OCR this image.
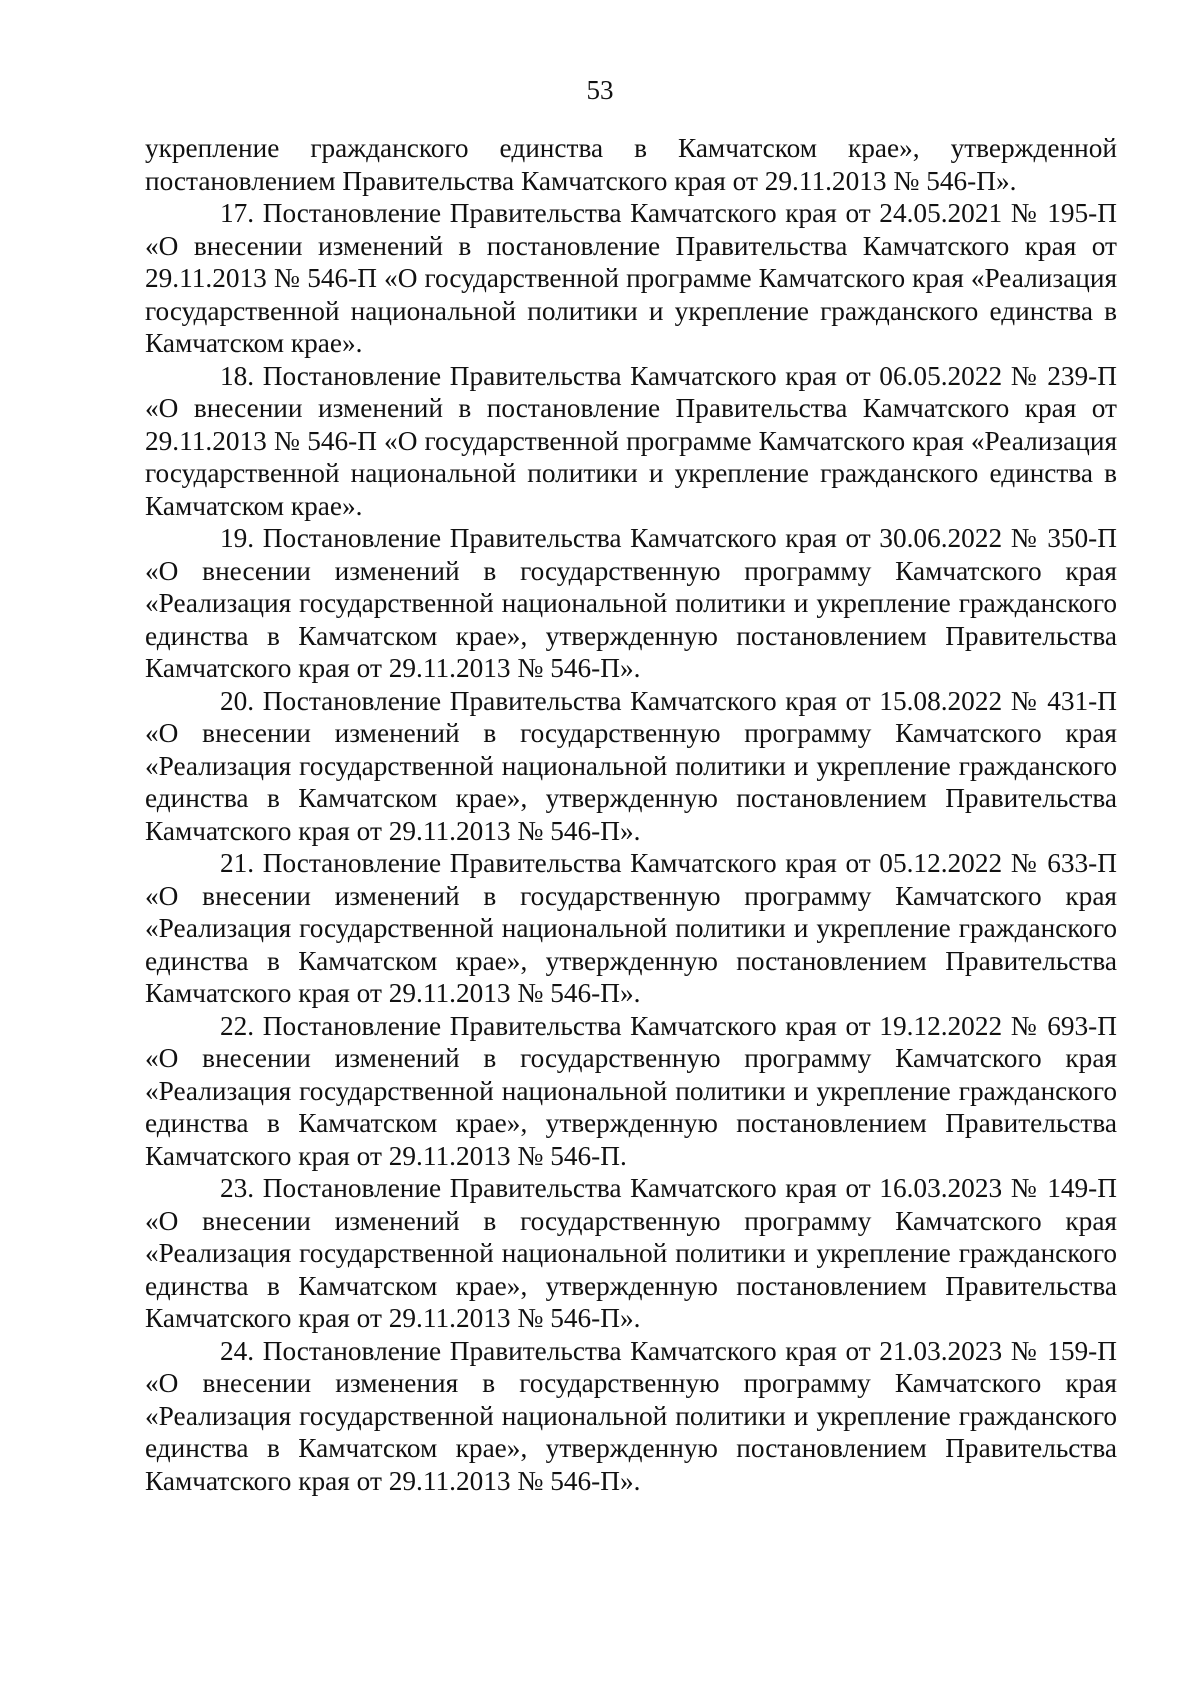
53

укрепление гражданского единства в Камчатском крае», утвержденной постановлением Правительства Камчатского края от 29.11.2013 № 546-П».

17. Постановление Правительства Камчатского края от 24.05.2021 № 195-П «О внесении изменений в постановление Правительства Камчатского края от 29.11.2013 № 546-П «О государственной программе Камчатского края «Реализация государственной национальной политики и укрепление гражданского единства в Камчатском крае».

18. Постановление Правительства Камчатского края от 06.05.2022 № 239-П «О внесении изменений в постановление Правительства Камчатского края от 29.11.2013 № 546-П «О государственной программе Камчатского края «Реализация государственной национальной политики и укрепление гражданского единства в Камчатском крае».

19. Постановление Правительства Камчатского края от 30.06.2022 № 350-П «О внесении изменений в государственную программу Камчатского края «Реализация государственной национальной политики и укрепление гражданского единства в Камчатском крае», утвержденную постановлением Правительства Камчатского края от 29.11.2013 № 546-П».

20. Постановление Правительства Камчатского края от 15.08.2022 № 431-П «О внесении изменений в государственную программу Камчатского края «Реализация государственной национальной политики и укрепление гражданского единства в Камчатском крае», утвержденную постановлением Правительства Камчатского края от 29.11.2013 № 546-П».

21. Постановление Правительства Камчатского края от 05.12.2022 № 633-П «О внесении изменений в государственную программу Камчатского края «Реализация государственной национальной политики и укрепление гражданского единства в Камчатском крае», утвержденную постановлением Правительства Камчатского края от 29.11.2013 № 546-П».

22. Постановление Правительства Камчатского края от 19.12.2022 № 693-П «О внесении изменений в государственную программу Камчатского края «Реализация государственной национальной политики и укрепление гражданского единства в Камчатском крае», утвержденную постановлением Правительства Камчатского края от 29.11.2013 № 546-П.

23. Постановление Правительства Камчатского края от 16.03.2023 № 149-П «О внесении изменений в государственную программу Камчатского края «Реализация государственной национальной политики и укрепление гражданского единства в Камчатском крае», утвержденную постановлением Правительства Камчатского края от 29.11.2013 № 546-П».

24. Постановление Правительства Камчатского края от 21.03.2023 № 159-П «О внесении изменения в государственную программу Камчатского края «Реализация государственной национальной политики и укрепление гражданского единства в Камчатском крае», утвержденную постановлением Правительства Камчатского края от 29.11.2013 № 546-П».
